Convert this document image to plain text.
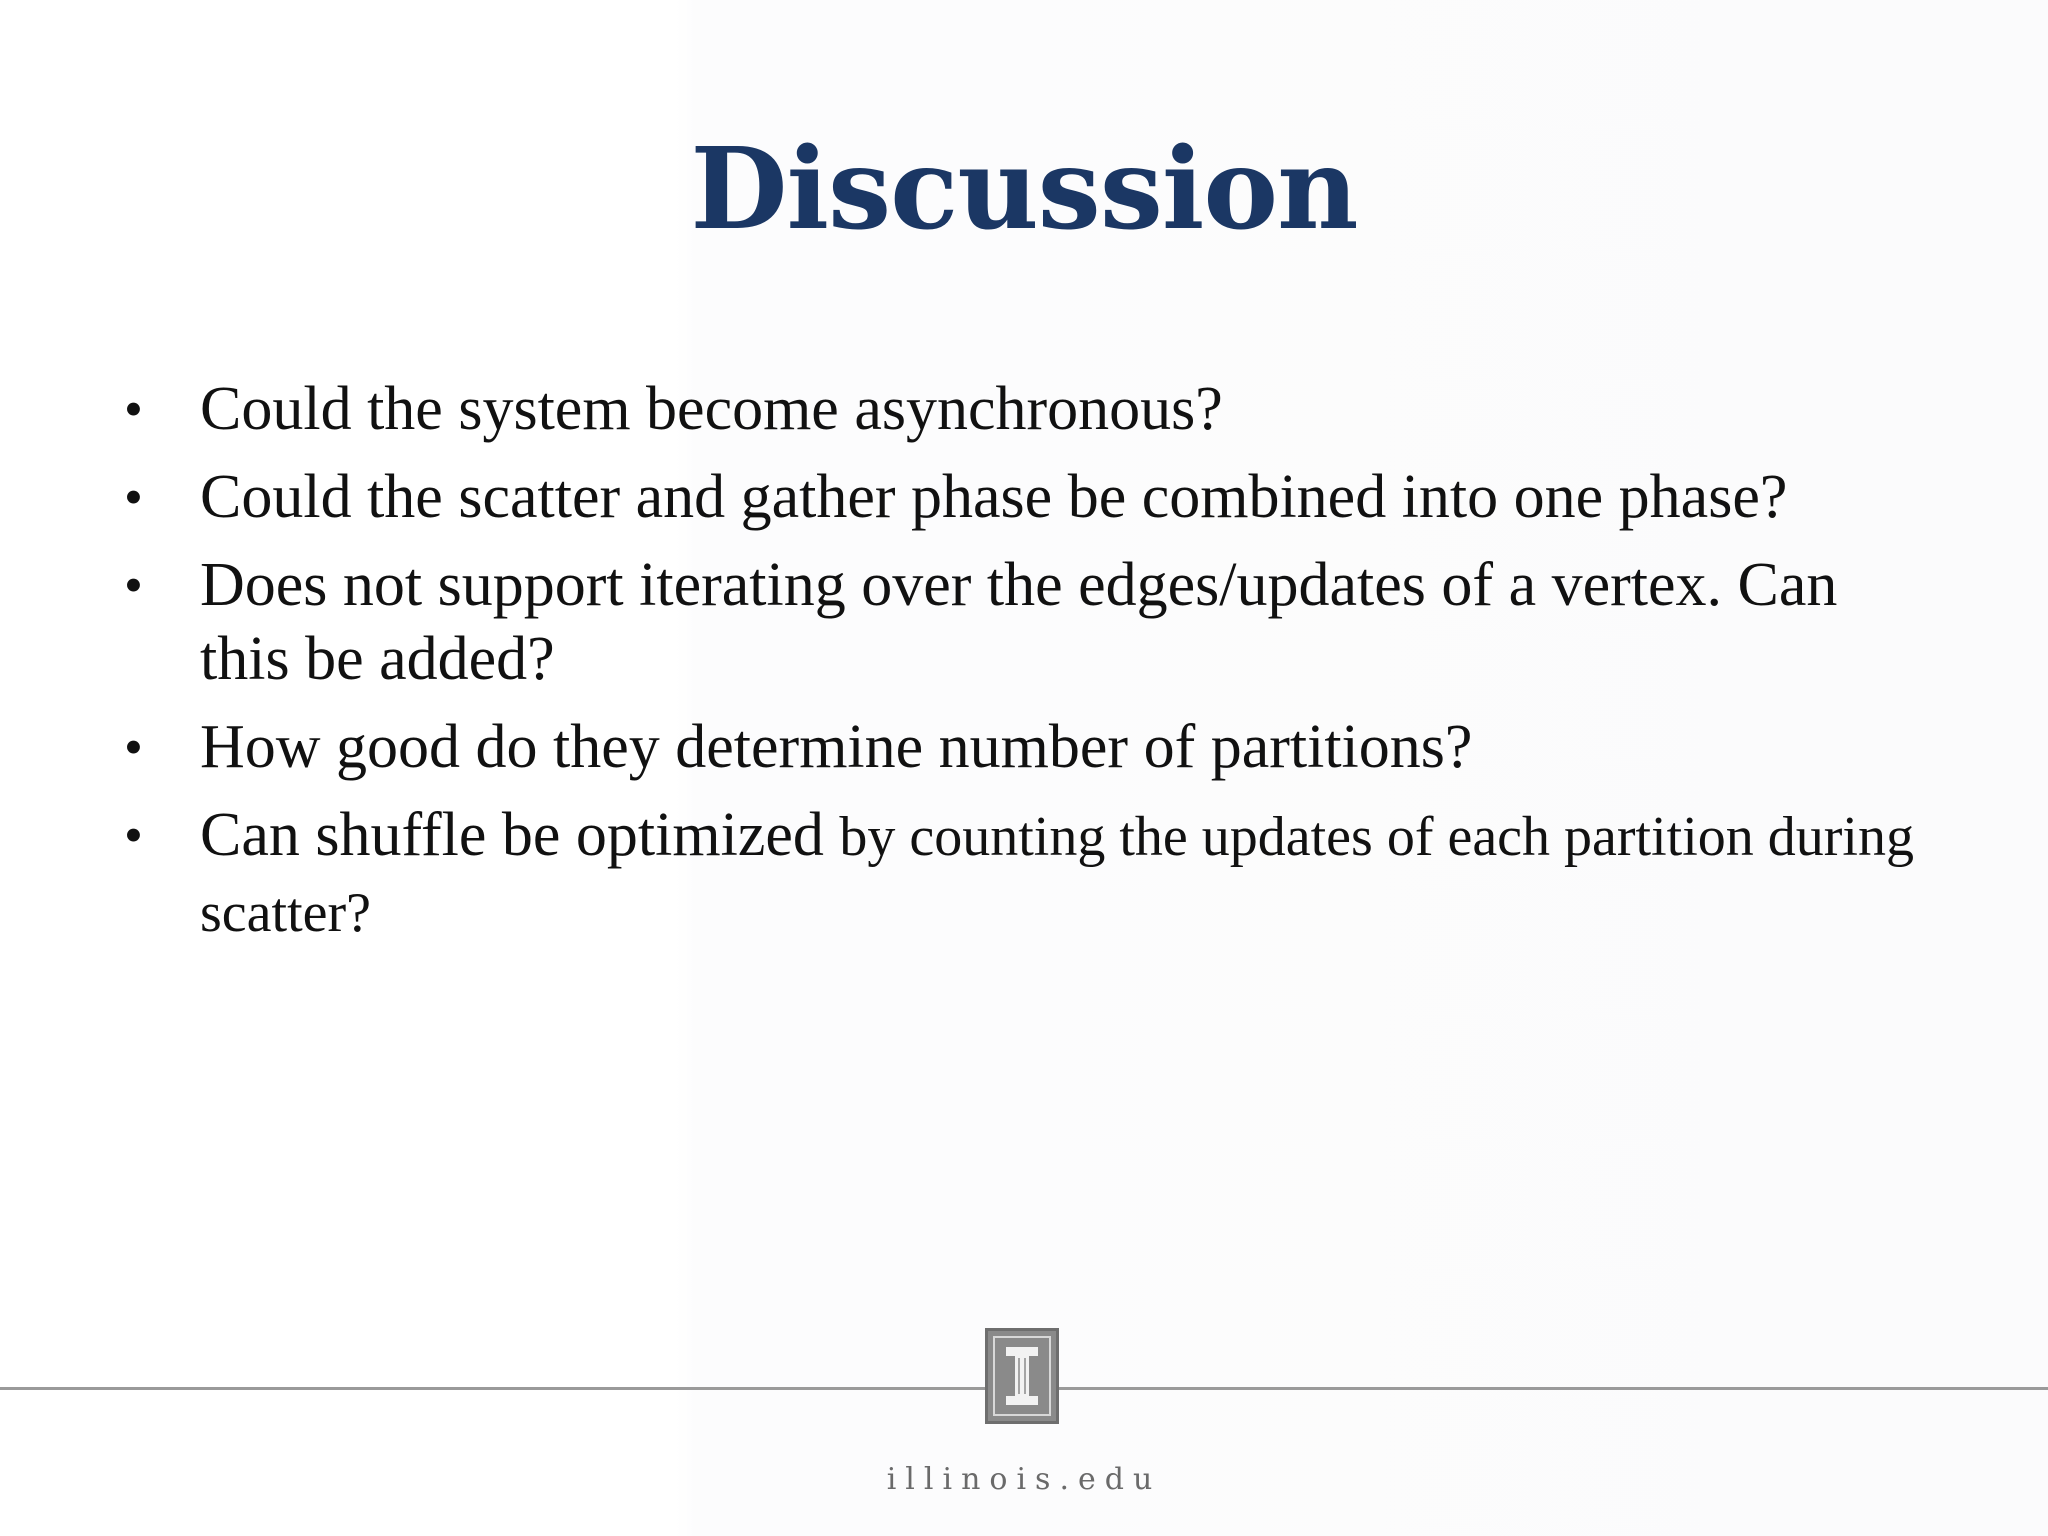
Discussion
• Could the system become asynchronous?
• Could the scatter and gather phase be combined into one phase?
• Does not support iterating over the edges/updates of a vertex. Can this be added?
• How good do they determine number of partitions?
• Can shuffle be optimized by counting the updates of each partition during scatter?
illinois.edu
